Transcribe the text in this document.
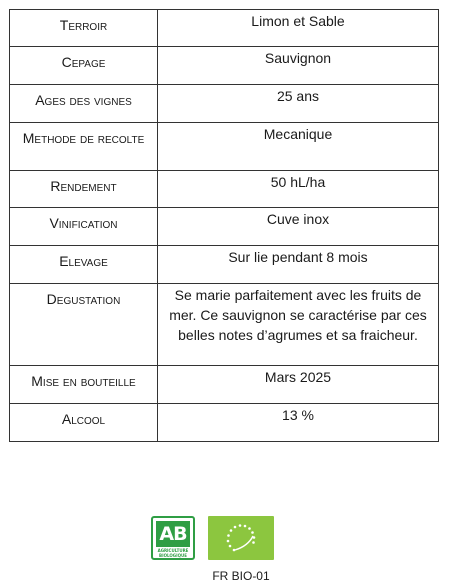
Terroir	Limon et Sable
Cepage	Sauvignon
Ages des vignes	25 ans
Methode de recolte	Mecanique
Rendement	50 hL/ha
Vinification	Cuve inox
Elevage	Sur lie pendant 8 mois
Degustation	Se marie parfaitement avec les fruits de mer. Ce sauvignon se caractérise par ces belles notes d’agrumes et sa fraicheur.
Mise en bouteille	Mars 2025
Alcool	13 %
AB
AGRICULTURE BIOLOGIQUE
FR BIO-01
